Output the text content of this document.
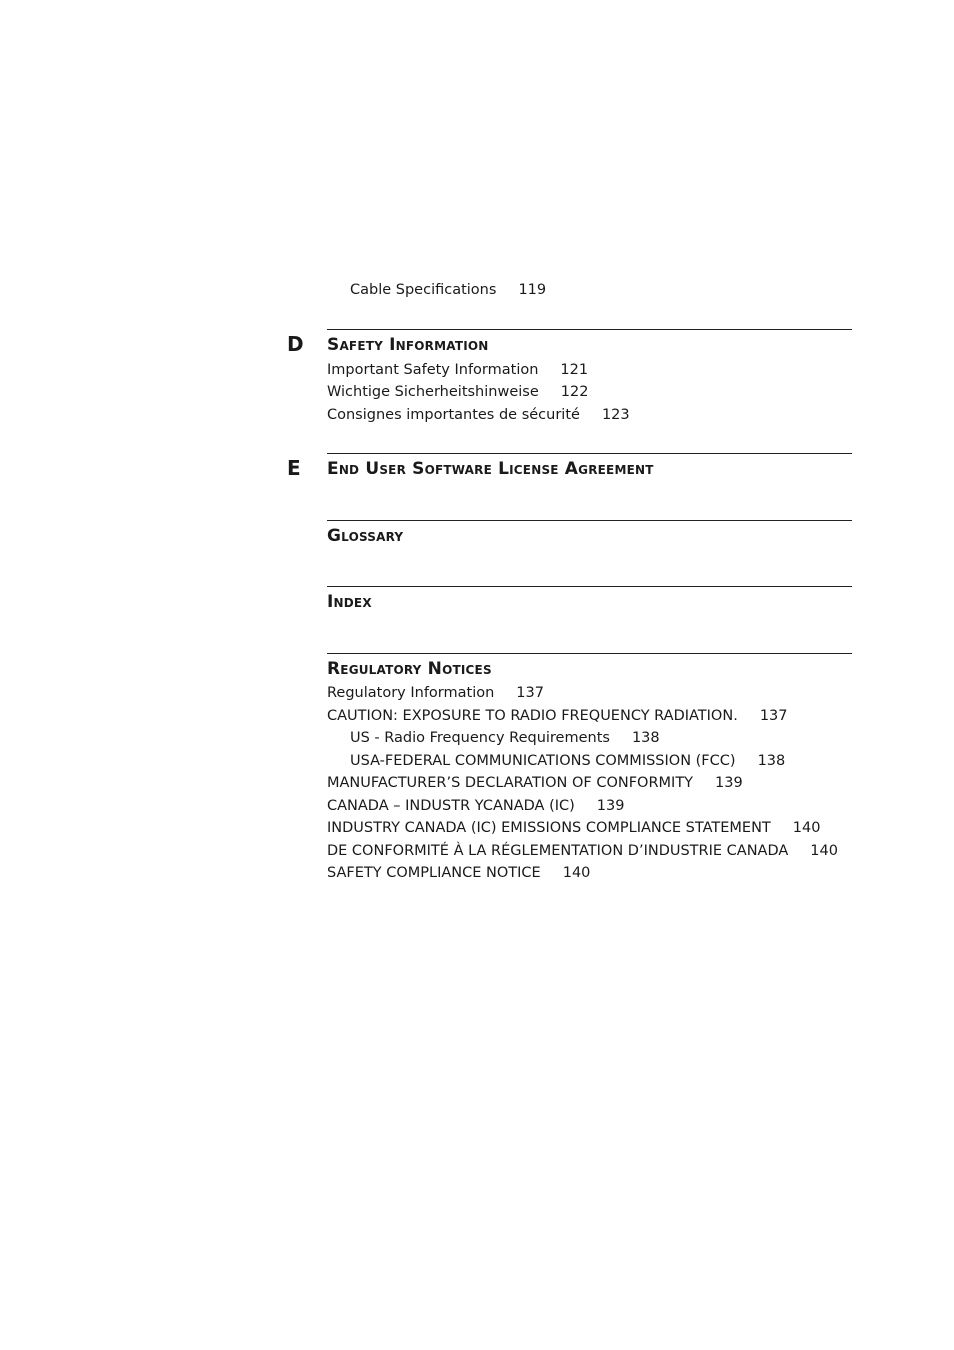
Cable Specifications 119
D Safety Information
Important Safety Information 121
Wichtige Sicherheitshinweise 122
Consignes importantes de sécurité 123
E End User Software License Agreement
Glossary
Index
Regulatory Notices
Regulatory Information 137
CAUTION: EXPOSURE TO RADIO FREQUENCY RADIATION. 137
US - Radio Frequency Requirements 138
USA-FEDERAL COMMUNICATIONS COMMISSION (FCC) 138
MANUFACTURER’S DECLARATION OF CONFORMITY 139
CANADA – INDUSTR YCANADA (IC) 139
INDUSTRY CANADA (IC) EMISSIONS COMPLIANCE STATEMENT 140
DE CONFORMITÉ À LA RÉGLEMENTATION D’INDUSTRIE CANADA 140
SAFETY COMPLIANCE NOTICE 140
